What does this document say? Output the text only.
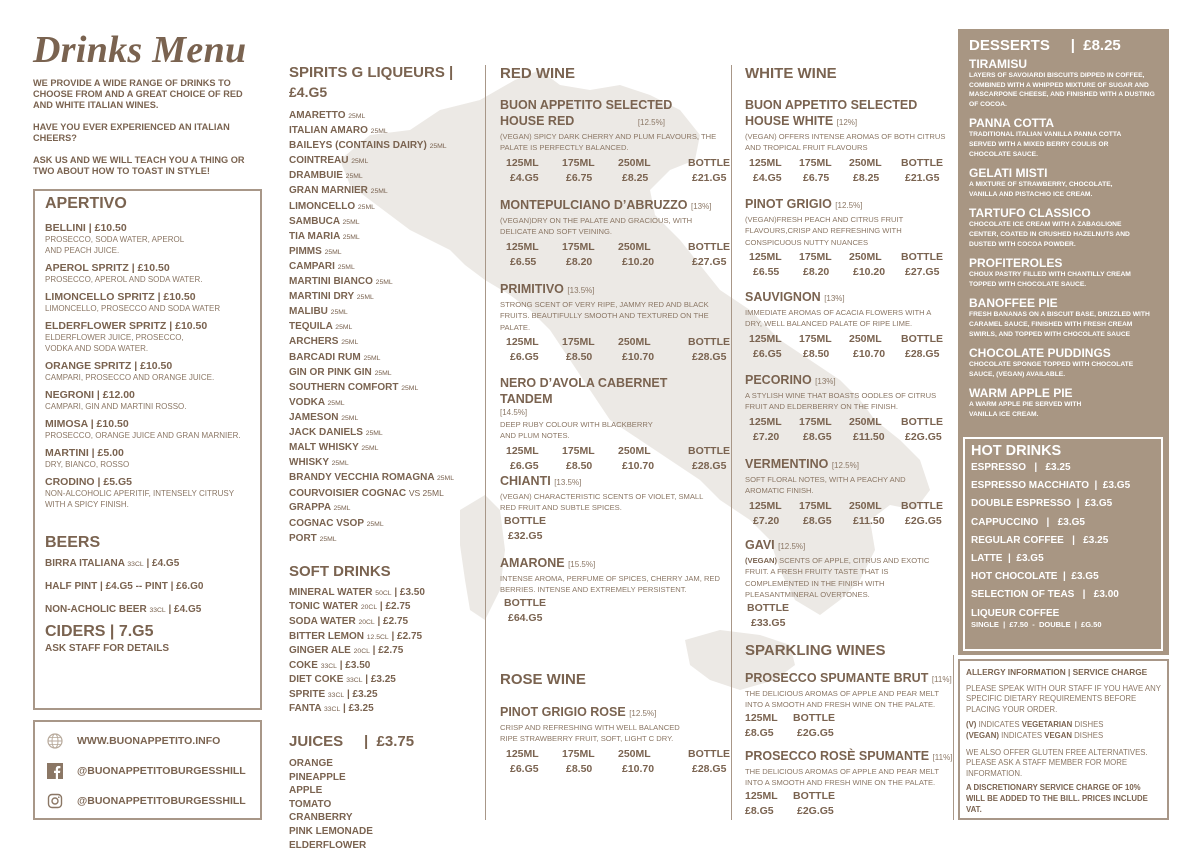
Drinks Menu
WE PROVIDE A WIDE RANGE OF DRINKS TO CHOOSE FROM AND A GREAT CHOICE OF RED AND WHITE ITALIAN WINES.
HAVE YOU EVER EXPERIENCED AN ITALIAN CHEERS?
ASK US AND WE WILL TEACH YOU A THING OR TWO ABOUT HOW TO TOAST IN STYLE!
APERTIVO
BELLINI | £10.50
PROSECCO, SODA WATER, APEROL AND PEACH JUICE.
APEROL SPRITZ | £10.50
PROSECCO, APEROL AND SODA WATER.
LIMONCELLO SPRITZ | £10.50
LIMONCELLO, PROSECCO AND SODA WATER
ELDERFLOWER SPRITZ | £10.50
ELDERFLOWER JUICE, PROSECCO, VODKA AND SODA WATER.
ORANGE SPRITZ | £10.50
CAMPARI, PROSECCO AND ORANGE JUICE.
NEGRONI | £12.00
CAMPARI, GIN AND MARTINI ROSSO.
MIMOSA | £10.50
PROSECCO, ORANGE JUICE AND GRAN MARNIER.
MARTINI | £5.00
DRY, BIANCO, ROSSO
CRODINO | £5.G5
NON-ALCOHOLIC APERITIF, INTENSELY CITRUSY WITH A SPICY FINISH.
BEERS
BIRRA ITALIANA 33CL | £4.G5
HALF PINT | £4.G5 -- PINT | £6.G0
NON-ACHOLIC BEER 33CL | £4.G5
CIDERS | 7.G5
ASK STAFF FOR DETAILS
WWW.BUONAPPETITO.INFO
@BUONAPPETITOBURGESSHILL
@BUONAPPETITOBURGESSHILL
SPIRITS G LIQUEURS |
£4.G5
AMARETTO 25ML
ITALIAN AMARO 25ML
BAILEYS (CONTAINS DAIRY) 25ML
COINTREAU 25ML
DRAMBUIE 25ML
GRAN MARNIER 25ML
LIMONCELLO 25ML
SAMBUCA 25ML
TIA MARIA 25ML
PIMMS 25ML
CAMPARI 25ML
MARTINI BIANCO 25ML
MARTINI DRY 25ML
MALIBU 25ML
TEQUILA 25ML
ARCHERS 25ML
BARCADI RUM 25ML
GIN OR PINK GIN 25ML
SOUTHERN COMFORT 25ML
VODKA 25ML
JAMESON 25ML
JACK DANIELS 25ML
MALT WHISKY 25ML
WHISKY 25ML
BRANDY VECCHIA ROMAGNA 25ML
COURVOISIER COGNAC VS 25ML
GRAPPA 25ML
COGNAC VSOP 25ML
PORT 25ML
SOFT DRINKS
MINERAL WATER 50CL | £3.50
TONIC WATER 20CL | £2.75
SODA WATER 20CL | £2.75
BITTER LEMON 12.5CL | £2.75
GINGER ALE 20CL | £2.75
COKE 33CL | £3.50
DIET COKE 33CL | £3.25
SPRITE 33CL | £3.25
FANTA 33CL | £3.25
JUICES     |  £3.75
ORANGE
PINEAPPLE
APPLE
TOMATO
CRANBERRY
PINK LEMONADE
ELDERFLOWER
RED WINE
BUON APPETITO SELECTED HOUSE RED	[12.5%]
(VEGAN) SPICY DARK CHERRY AND PLUM FLAVOURS, THE PALATE IS PERFECTLY BALANCED.
125ML	175ML	250ML	BOTTLE
£4.G5	£6.75	£8.25	£21.G5
MONTEPULCIANO D’ABRUZZO [13%]
(VEGAN)DRY ON THE PALATE AND GRACIOUS, WITH DELICATE AND SOFT VEINING.
125ML	175ML	250ML	BOTTLE
£6.55	£8.20	£10.20	£27.G5
PRIMITIVO [13.5%]
STRONG SCENT OF VERY RIPE, JAMMY RED AND BLACK FRUITS. BEAUTIFULLY SMOOTH AND TEXTURED ON THE PALATE.
125ML	175ML	250ML	BOTTLE
£6.G5	£8.50	£10.70	£28.G5
NERO D’AVOLA CABERNET TANDEM
[14.5%]
DEEP RUBY COLOUR WITH BLACKBERRY AND PLUM NOTES.
125ML	175ML	250ML	BOTTLE
£6.G5	£8.50	£10.70	£28.G5
CHIANTI [13.5%]
(VEGAN) CHARACTERISTIC SCENTS OF VIOLET, SMALL RED FRUIT AND SUBTLE SPICES.
BOTTLE
£32.G5
AMARONE [15.5%]
INTENSE AROMA, PERFUME OF SPICES, CHERRY JAM, RED BERRIES. INTENSE AND EXTREMELY PERSISTENT.
BOTTLE
£64.G5
ROSE WINE
PINOT GRIGIO ROSE [12.5%]
CRISP AND REFRESHING WITH WELL BALANCED RIPE STRAWBERRY FRUIT, SOFT, LIGHT C DRY.
125ML	175ML	250ML	BOTTLE
£6.G5	£8.50	£10.70	£28.G5
WHITE WINE
BUON APPETITO SELECTED HOUSE WHITE [12%]
(VEGAN) OFFERS INTENSE AROMAS OF BOTH CITRUS AND TROPICAL FRUIT FLAVOURS
125ML	175ML	250ML	BOTTLE
£4.G5	£6.75	£8.25	£21.G5
PINOT GRIGIO [12.5%]
(VEGAN)FRESH PEACH AND CITRUS FRUIT FLAVOURS,CRISP AND REFRESHING WITH CONSPICUOUS NUTTY NUANCES
125ML	175ML	250ML	BOTTLE
£6.55	£8.20	£10.20	£27.G5
SAUVIGNON [13%]
IMMEDIATE AROMAS OF ACACIA FLOWERS WITH A DRY, WELL BALANCED PALATE OF RIPE LIME.
125ML	175ML	250ML	BOTTLE
£6.G5	£8.50	£10.70	£28.G5
PECORINO [13%]
A STYLISH WINE THAT BOASTS OODLES OF CITRUS FRUIT AND ELDERBERRY ON THE FINISH.
125ML	175ML	250ML	BOTTLE
£7.20	£8.G5	£11.50	£2G.G5
VERMENTINO [12.5%]
SOFT FLORAL NOTES, WITH A PEACHY AND AROMATIC FINISH.
125ML	175ML	250ML	BOTTLE
£7.20	£8.G5	£11.50	£2G.G5
GAVI [12.5%]
(VEGAN) SCENTS OF APPLE, CITRUS AND EXOTIC FRUIT. A FRESH FRUITY TASTE THAT IS COMPLEMENTED IN THE FINISH WITH PLEASANTMINERAL OVERTONES.
BOTTLE
£33.G5
SPARKLING WINES
PROSECCO SPUMANTE BRUT [11%]
THE DELICIOUS AROMAS OF APPLE AND PEAR MELT INTO A SMOOTH AND FRESH WINE ON THE PALATE.
125ML	BOTTLE
£8.G5	£2G.G5
PROSECCO ROSÈ SPUMANTE [11%]
THE DELICIOUS AROMAS OF APPLE AND PEAR MELT INTO A SMOOTH AND FRESH WINE ON THE PALATE.
125ML	BOTTLE
£8.G5	£2G.G5
DESSERTS     |  £8.25
TIRAMISU
LAYERS OF SAVOIARDI BISCUITS DIPPED IN COFFEE, COMBINED WITH A WHIPPED MIXTURE OF SUGAR AND MASCARPONE CHEESE, AND FINISHED WITH A DUSTING OF COCOA.
PANNA COTTA
TRADITIONAL ITALIAN VANILLA PANNA COTTA SERVED WITH A MIXED BERRY COULIS OR CHOCOLATE SAUCE.
GELATI MISTI
A MIXTURE OF STRAWBERRY, CHOCOLATE, VANILLA AND PISTACHIO ICE CREAM.
TARTUFO CLASSICO
CHOCOLATE ICE CREAM WITH A ZABAGLIONE CENTER, COATED IN CRUSHED HAZELNUTS AND DUSTED WITH COCOA POWDER.
PROFITEROLES
CHOUX PASTRY FILLED WITH CHANTILLY CREAM TOPPED WITH CHOCOLATE SAUCE.
BANOFFEE PIE
FRESH BANANAS ON A BISCUIT BASE, DRIZZLED WITH CARAMEL SAUCE, FINISHED WITH FRESH CREAM SWIRLS, AND TOPPED WITH CHOCOLATE SAUCE
CHOCOLATE PUDDINGS
CHOCOLATE SPONGE TOPPED WITH CHOCOLATE SAUCE, (VEGAN) AVAILABLE.
WARM APPLE PIE
A WARM APPLE PIE SERVED WITH VANILLA ICE CREAM.
HOT DRINKS
ESPRESSO   |   £3.25
ESPRESSO MACCHIATO  |  £3.G5
DOUBLE ESPRESSO  |  £3.G5
CAPPUCCINO   |   £3.G5
REGULAR COFFEE   |   £3.25
LATTE  |  £3.G5
HOT CHOCOLATE  |  £3.G5
SELECTION OF TEAS   |   £3.00
LIQUEUR COFFEE
SINGLE  |  £7.50  -  DOUBLE  |  £G.50
ALLERGY INFORMATION | SERVICE CHARGE

PLEASE SPEAK WITH OUR STAFF IF YOU HAVE ANY SPECIFIC DIETARY REQUIREMENTS BEFORE PLACING YOUR ORDER.

(V) INDICATES VEGETARIAN DISHES

(VEGAN) INDICATES VEGAN DISHES

WE ALSO OFFER GLUTEN FREE ALTERNATIVES. PLEASE ASK A STAFF MEMBER FOR MORE INFORMATION.

A DISCRETIONARY SERVICE CHARGE OF 10% WILL BE ADDED TO THE BILL. PRICES INCLUDE VAT.
